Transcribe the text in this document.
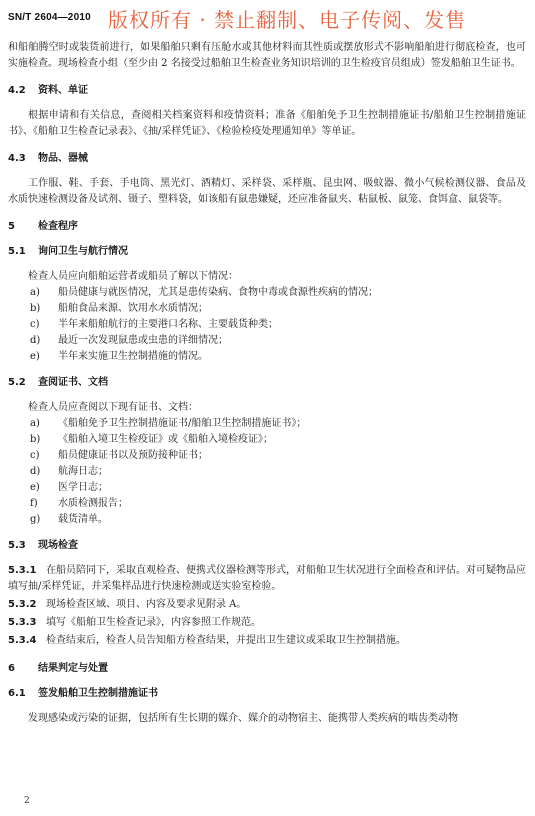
SN/T 2604—2010 版权所有 · 禁止翻制、电子传阅、发售

和船舶腾空时或装货前进行，如果船舶只剩有压舱水或其他材料而其性质或摆放形式不影响船舶进行彻底检查，也可实施检查。现场检查小组（至少由 2 名接受过船舶卫生检查业务知识培训的卫生检疫官员组成）签发船舶卫生证书。

4.2 资料、单证

根据申请和有关信息，查阅相关档案资料和疫情资料；准备《船舶免予卫生控制措施证书/船舶卫生控制措施证书》、《船舶卫生检查记录表》、《抽/采样凭证》、《检验检疫处理通知单》等单证。

4.3 物品、器械

工作服、鞋、手套、手电筒、黑光灯、酒精灯、采样袋、采样瓶、昆虫网、吸蚊器、微小气候检测仪器、食品及水质快速检测设备及试剂、镊子、塑料袋，如该船有鼠患嫌疑，还应准备鼠夹、粘鼠板、鼠笼、食饵盒、鼠袋等。

5 检查程序
5.1 询问卫生与航行情况

检查人员应向船舶运营者或船员了解以下情况：

a) 船员健康与就医情况，尤其是患传染病、食物中毒或食源性疾病的情况；
b) 船舶食品来源、饮用水水质情况；
c) 半年来船舶航行的主要港口名称、主要载货种类；
d) 最近一次发现鼠患或虫患的详细情况；
e) 半年来实施卫生控制措施的情况。
5.2 查阅证书、文档

检查人员应查阅以下现有证书、文档：

a) 《船舶免予卫生控制措施证书/船舶卫生控制措施证书》；
b) 《船舶入境卫生检疫证》或《船舶入境检疫证》；
c) 船员健康证书以及预防接种证书；
d) 航海日志；
e) 医学日志；
f) 水质检测报告；
g) 载货清单。
5.3 现场检查

5.3.1 在船员陪同下，采取直观检查、便携式仪器检测等形式，对船舶卫生状况进行全面检查和评估。对可疑物品应填写抽/采样凭证，并采集样品进行快速检测或送实验室检验。

5.3.2 现场检查区域、项目、内容及要求见附录 A。

5.3.3 填写《船舶卫生检查记录》，内容参照工作规范。

5.3.4 检查结束后，检查人员告知船方检查结果，并提出卫生建议或采取卫生控制措施。

6 结果判定与处置
6.1 签发船舶卫生控制措施证书

发现感染或污染的证据，包括所有生长期的媒介、媒介的动物宿主、能携带人类疾病的啮齿类动物

2
